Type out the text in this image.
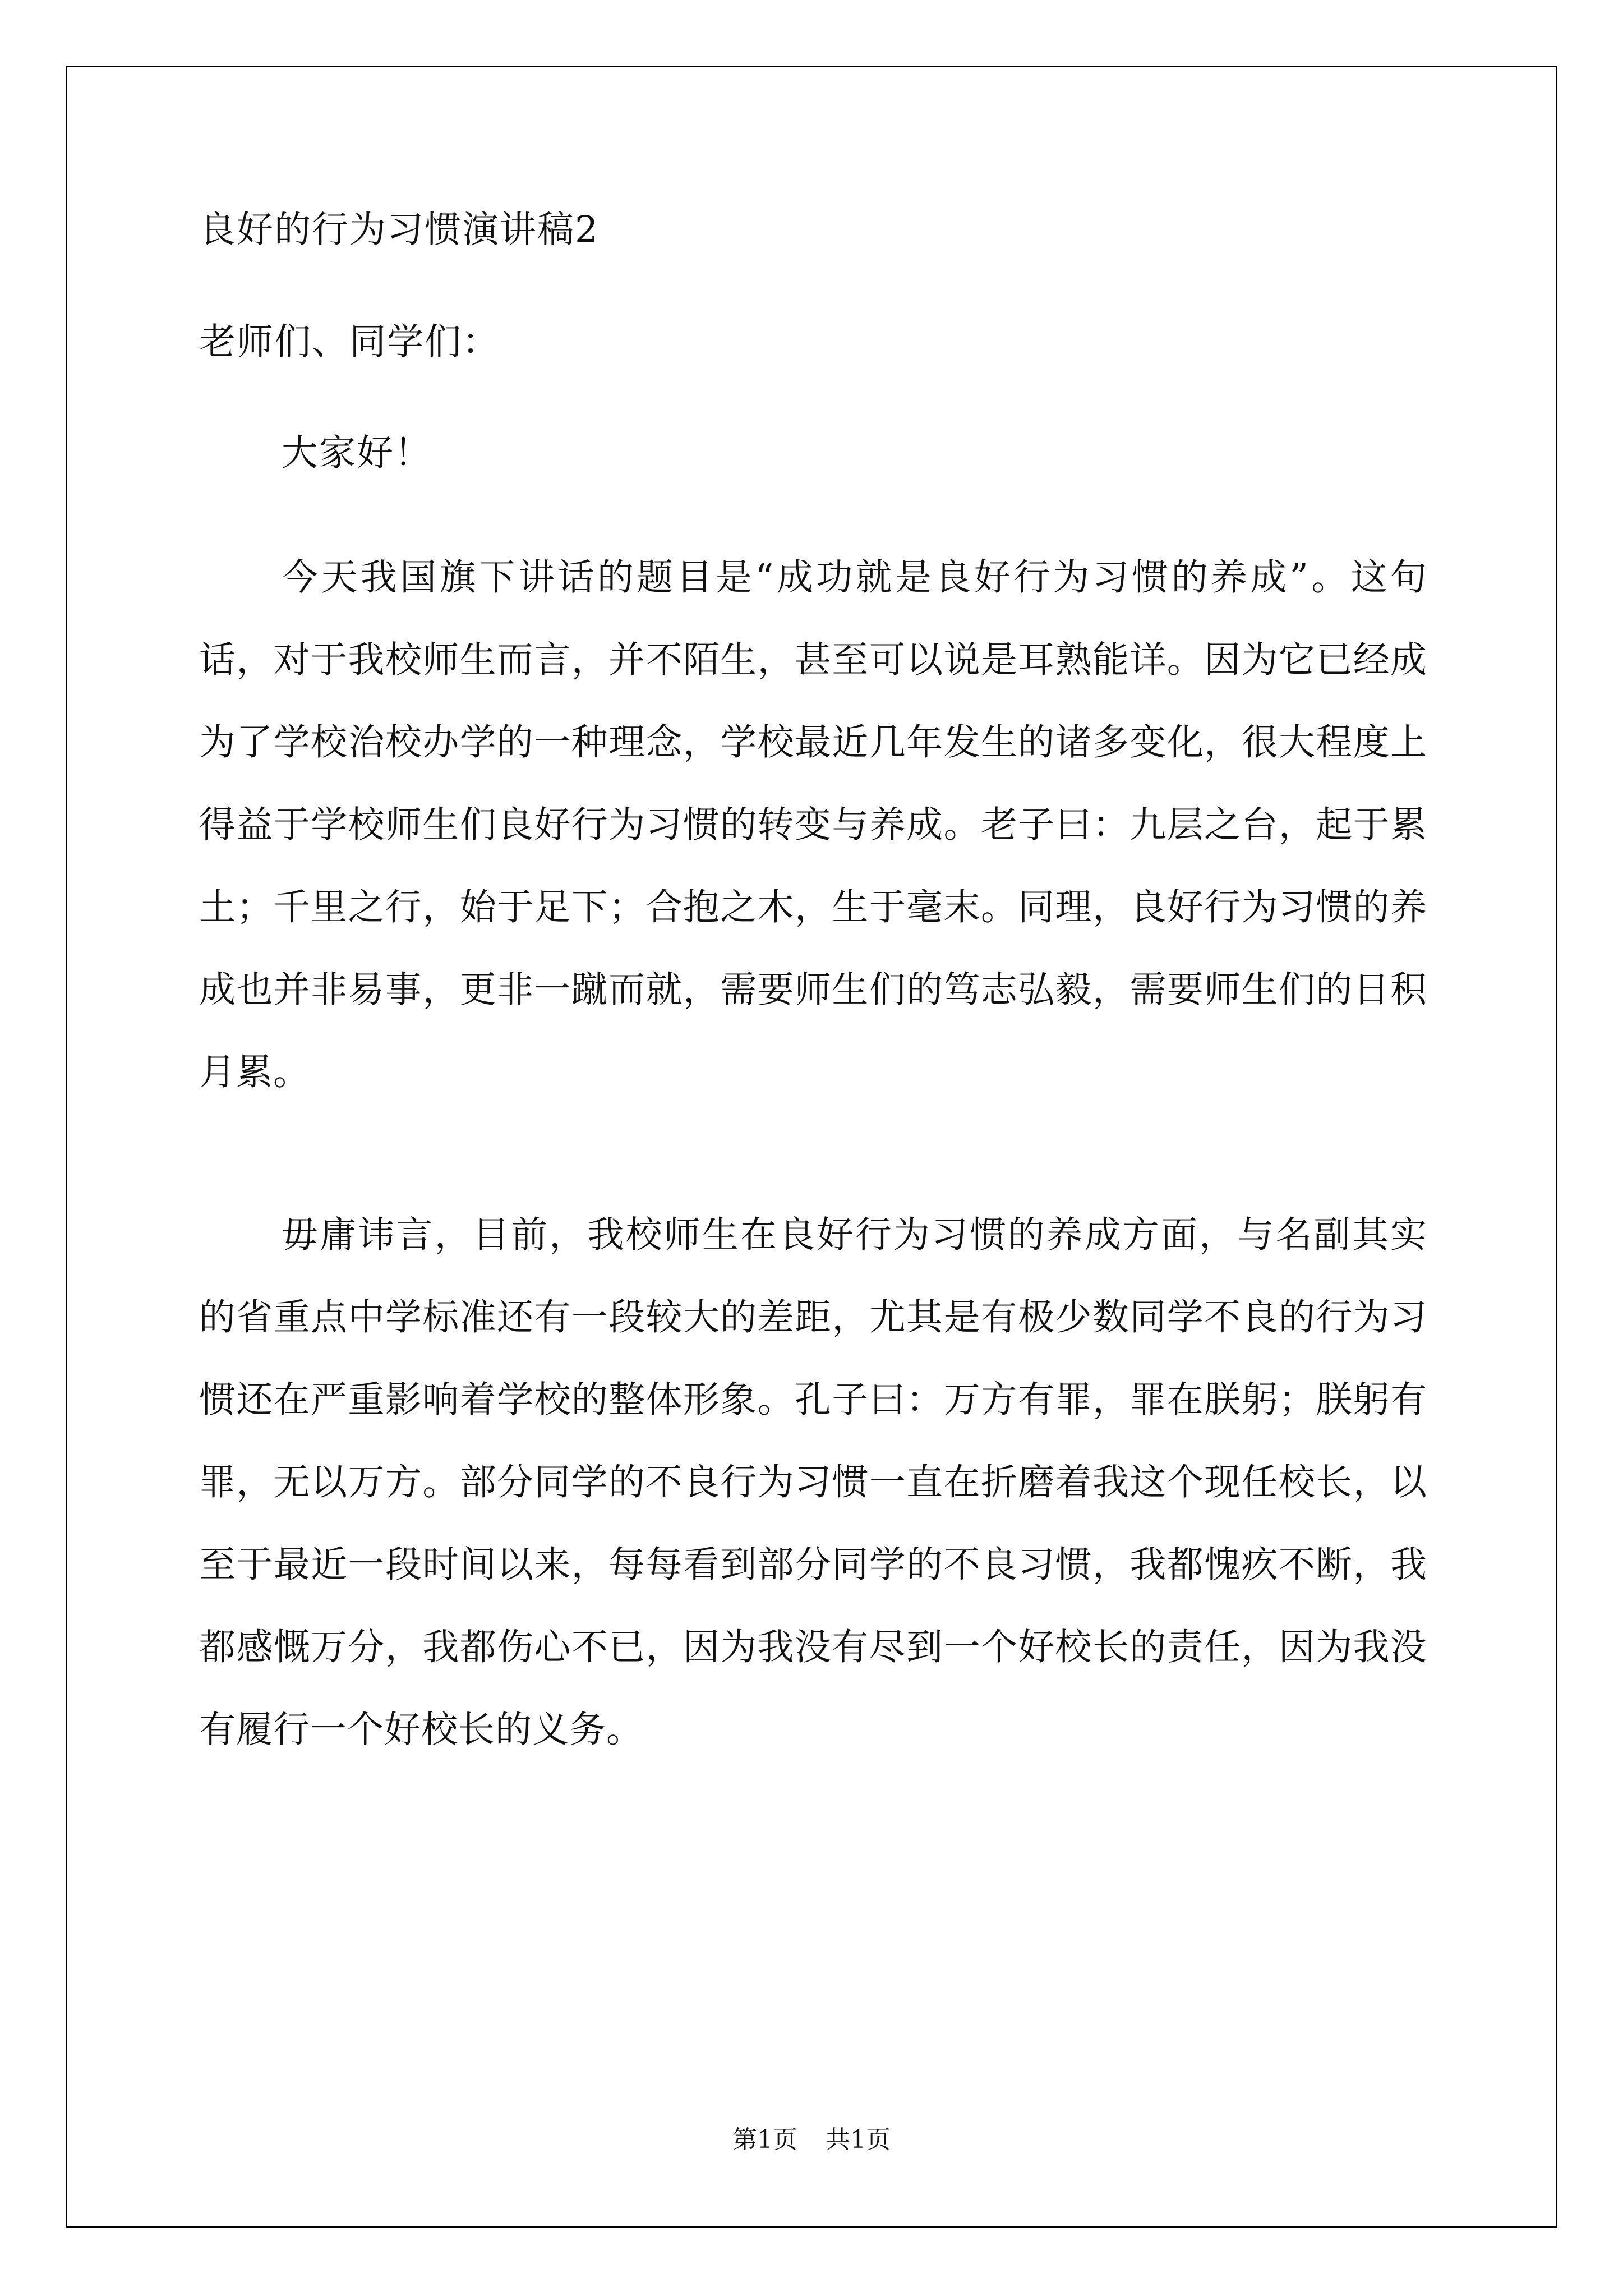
良好的行为习惯演讲稿2
老师们、同学们：
大家好！

今天我国旗下讲话的题目是“成功就是良好行为习惯的养成”。这句话，对于我校师生而言，并不陌生，甚至可以说是耳熟能详。因为它已经成为了学校治校办学的一种理念，学校最近几年发生的诸多变化，很大程度上得益于学校师生们良好行为习惯的转变与养成。老子曰：九层之台，起于累土；千里之行，始于足下；合抱之木，生于毫末。同理，良好行为习惯的养成也并非易事，更非一蹴而就，需要师生们的笃志弘毅，需要师生们的日积月累。

毋庸讳言，目前，我校师生在良好行为习惯的养成方面，与名副其实的省重点中学标准还有一段较大的差距，尤其是有极少数同学不良的行为习惯还在严重影响着学校的整体形象。孔子曰：万方有罪，罪在朕躬；朕躬有罪，无以万方。部分同学的不良行为习惯一直在折磨着我这个现任校长，以至于最近一段时间以来，每每看到部分同学的不良习惯，我都愧疚不断，我都感慨万分，我都伤心不已，因为我没有尽到一个好校长的责任，因为我没有履行一个好校长的义务。

第1页 共1页
